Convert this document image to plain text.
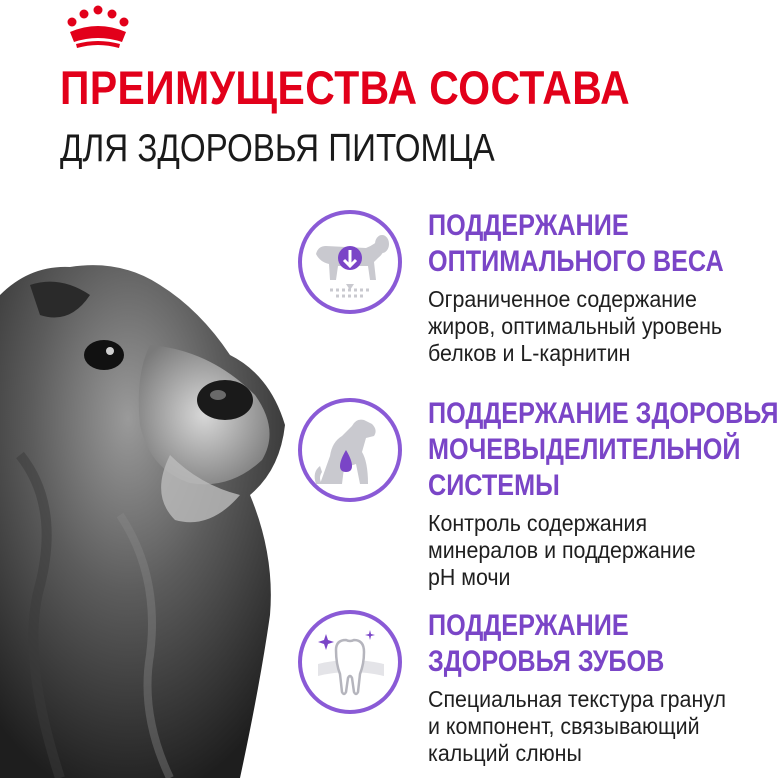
ПРЕИМУЩЕСТВА СОСТАВА
ДЛЯ ЗДОРОВЬЯ ПИТОМЦА
ПОДДЕРЖАНИЕ
ОПТИМАЛЬНОГО ВЕСА
Ограниченное содержание
жиров, оптимальный уровень
белков и L-карнитин
ПОДДЕРЖАНИЕ ЗДОРОВЬЯ
МОЧЕВЫДЕЛИТЕЛЬНОЙ
СИСТЕМЫ
Контроль содержания
минералов и поддержание
pH мочи
ПОДДЕРЖАНИЕ
ЗДОРОВЬЯ ЗУБОВ
Специальная текстура гранул
и компонент, связывающий
кальций слюны
